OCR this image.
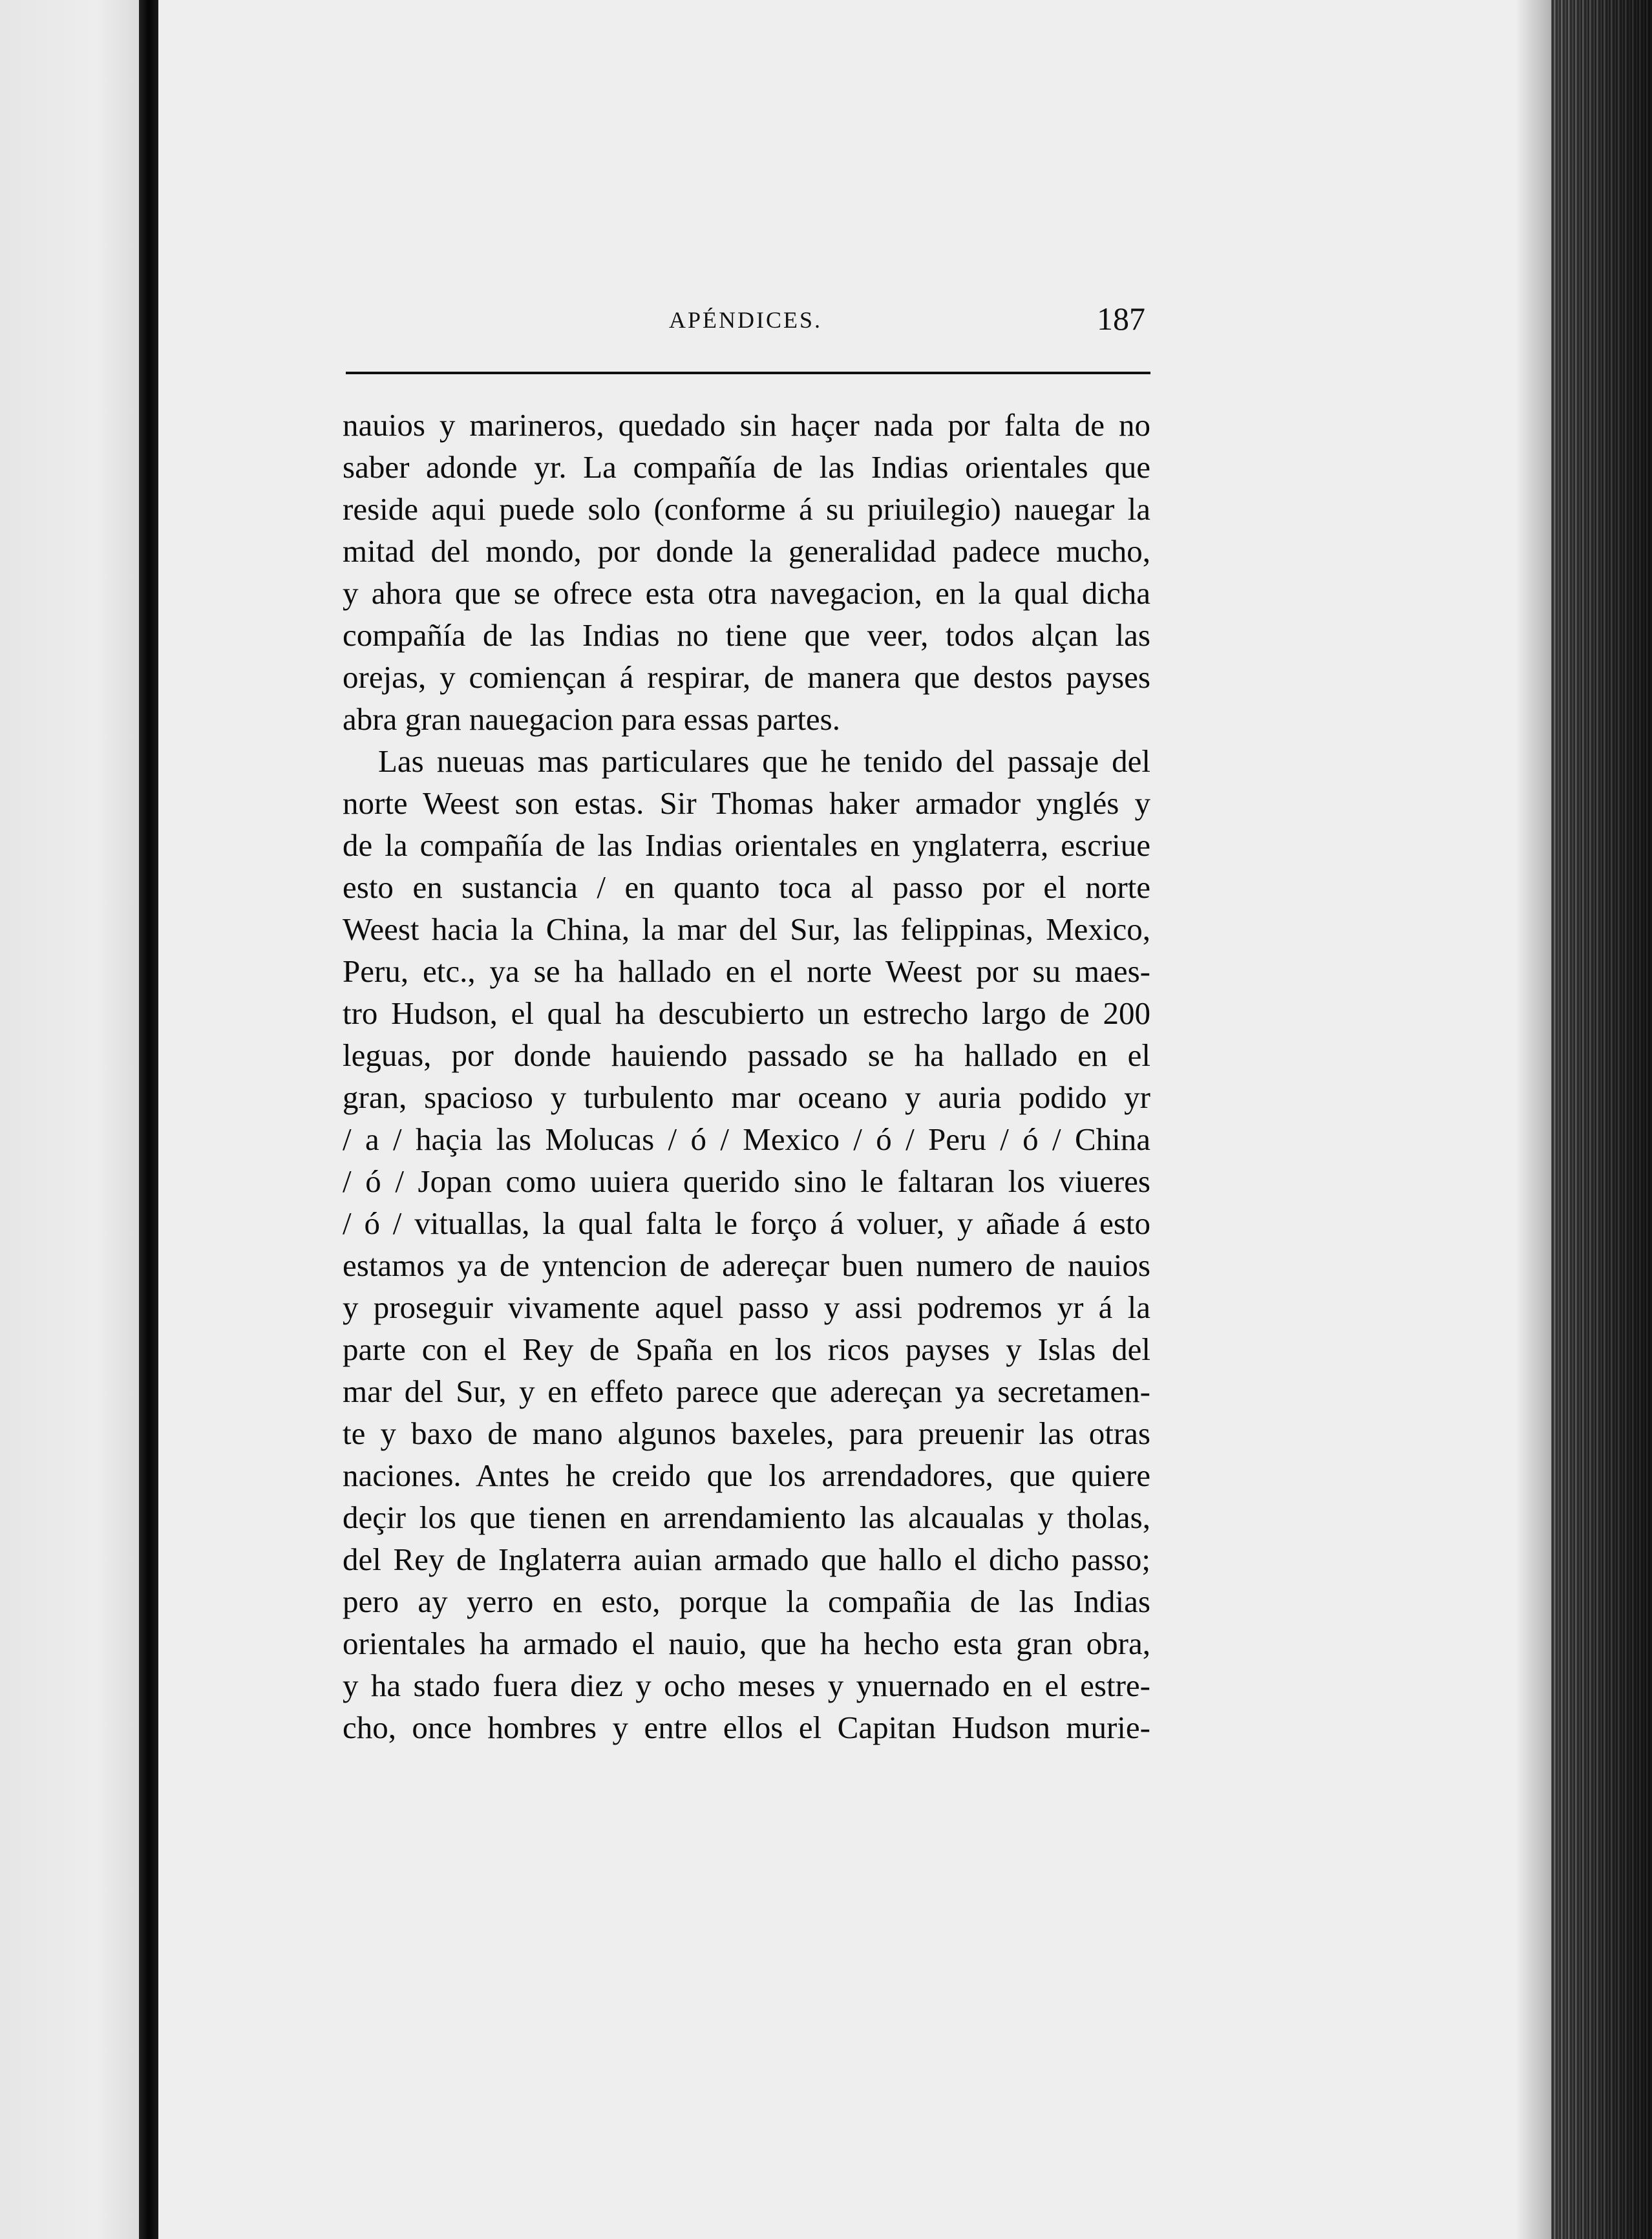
APÉNDICES.	187
nauios y marineros, quedado sin haçer nada por falta de no
saber adonde yr. La compañía de las Indias orientales que
reside aqui puede solo (conforme á su priuilegio) nauegar la
mitad del mondo, por donde la generalidad padece mucho,
y ahora que se ofrece esta otra navegacion, en la qual dicha
compañía de las Indias no tiene que veer, todos alçan las
orejas, y comiençan á respirar, de manera que destos payses
abra gran nauegacion para essas partes.
Las nueuas mas particulares que he tenido del passaje del
norte Weest son estas. Sir Thomas haker armador ynglés y
de la compañía de las Indias orientales en ynglaterra, escriue
esto en sustancia / en quanto toca al passo por el norte
Weest hacia la China, la mar del Sur, las felippinas, Mexico,
Peru, etc., ya se ha hallado en el norte Weest por su maes-
tro Hudson, el qual ha descubierto un estrecho largo de 200
leguas, por donde hauiendo passado se ha hallado en el
gran, spacioso y turbulento mar oceano y auria podido yr
/ a / haçia las Molucas / ó / Mexico / ó / Peru / ó / China
/ ó / Jopan como uuiera querido sino le faltaran los viueres
/ ó / vituallas, la qual falta le forço á voluer, y añade á esto
estamos ya de yntencion de adereçar buen numero de nauios
y proseguir vivamente aquel passo y assi podremos yr á la
parte con el Rey de Spaña en los ricos payses y Islas del
mar del Sur, y en effeto parece que adereçan ya secretamen-
te y baxo de mano algunos baxeles, para preuenir las otras
naciones. Antes he creido que los arrendadores, que quiere
deçir los que tienen en arrendamiento las alcaualas y tholas,
del Rey de Inglaterra auian armado que hallo el dicho passo;
pero ay yerro en esto, porque la compañia de las Indias
orientales ha armado el nauio, que ha hecho esta gran obra,
y ha stado fuera diez y ocho meses y ynuernado en el estre-
cho, once hombres y entre ellos el Capitan Hudson murie-
